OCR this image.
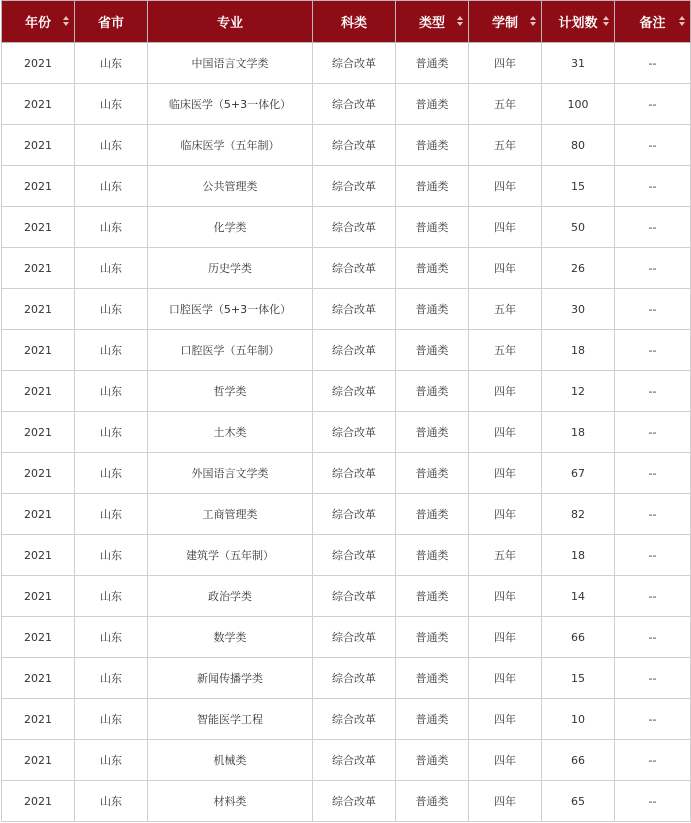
年份	省市	专业	科类	类型	学制	计划数	备注

2021	山东	中国语言文学类	综合改革	普通类	四年	31	--
2021	山东	临床医学（5+3一体化）	综合改革	普通类	五年	100	--
2021	山东	临床医学（五年制）	综合改革	普通类	五年	80	--
2021	山东	公共管理类	综合改革	普通类	四年	15	--
2021	山东	化学类	综合改革	普通类	四年	50	--
2021	山东	历史学类	综合改革	普通类	四年	26	--
2021	山东	口腔医学（5+3一体化）	综合改革	普通类	五年	30	--
2021	山东	口腔医学（五年制）	综合改革	普通类	五年	18	--
2021	山东	哲学类	综合改革	普通类	四年	12	--
2021	山东	土木类	综合改革	普通类	四年	18	--
2021	山东	外国语言文学类	综合改革	普通类	四年	67	--
2021	山东	工商管理类	综合改革	普通类	四年	82	--
2021	山东	建筑学（五年制）	综合改革	普通类	五年	18	--
2021	山东	政治学类	综合改革	普通类	四年	14	--
2021	山东	数学类	综合改革	普通类	四年	66	--
2021	山东	新闻传播学类	综合改革	普通类	四年	15	--
2021	山东	智能医学工程	综合改革	普通类	四年	10	--
2021	山东	机械类	综合改革	普通类	四年	66	--
2021	山东	材料类	综合改革	普通类	四年	65	--
